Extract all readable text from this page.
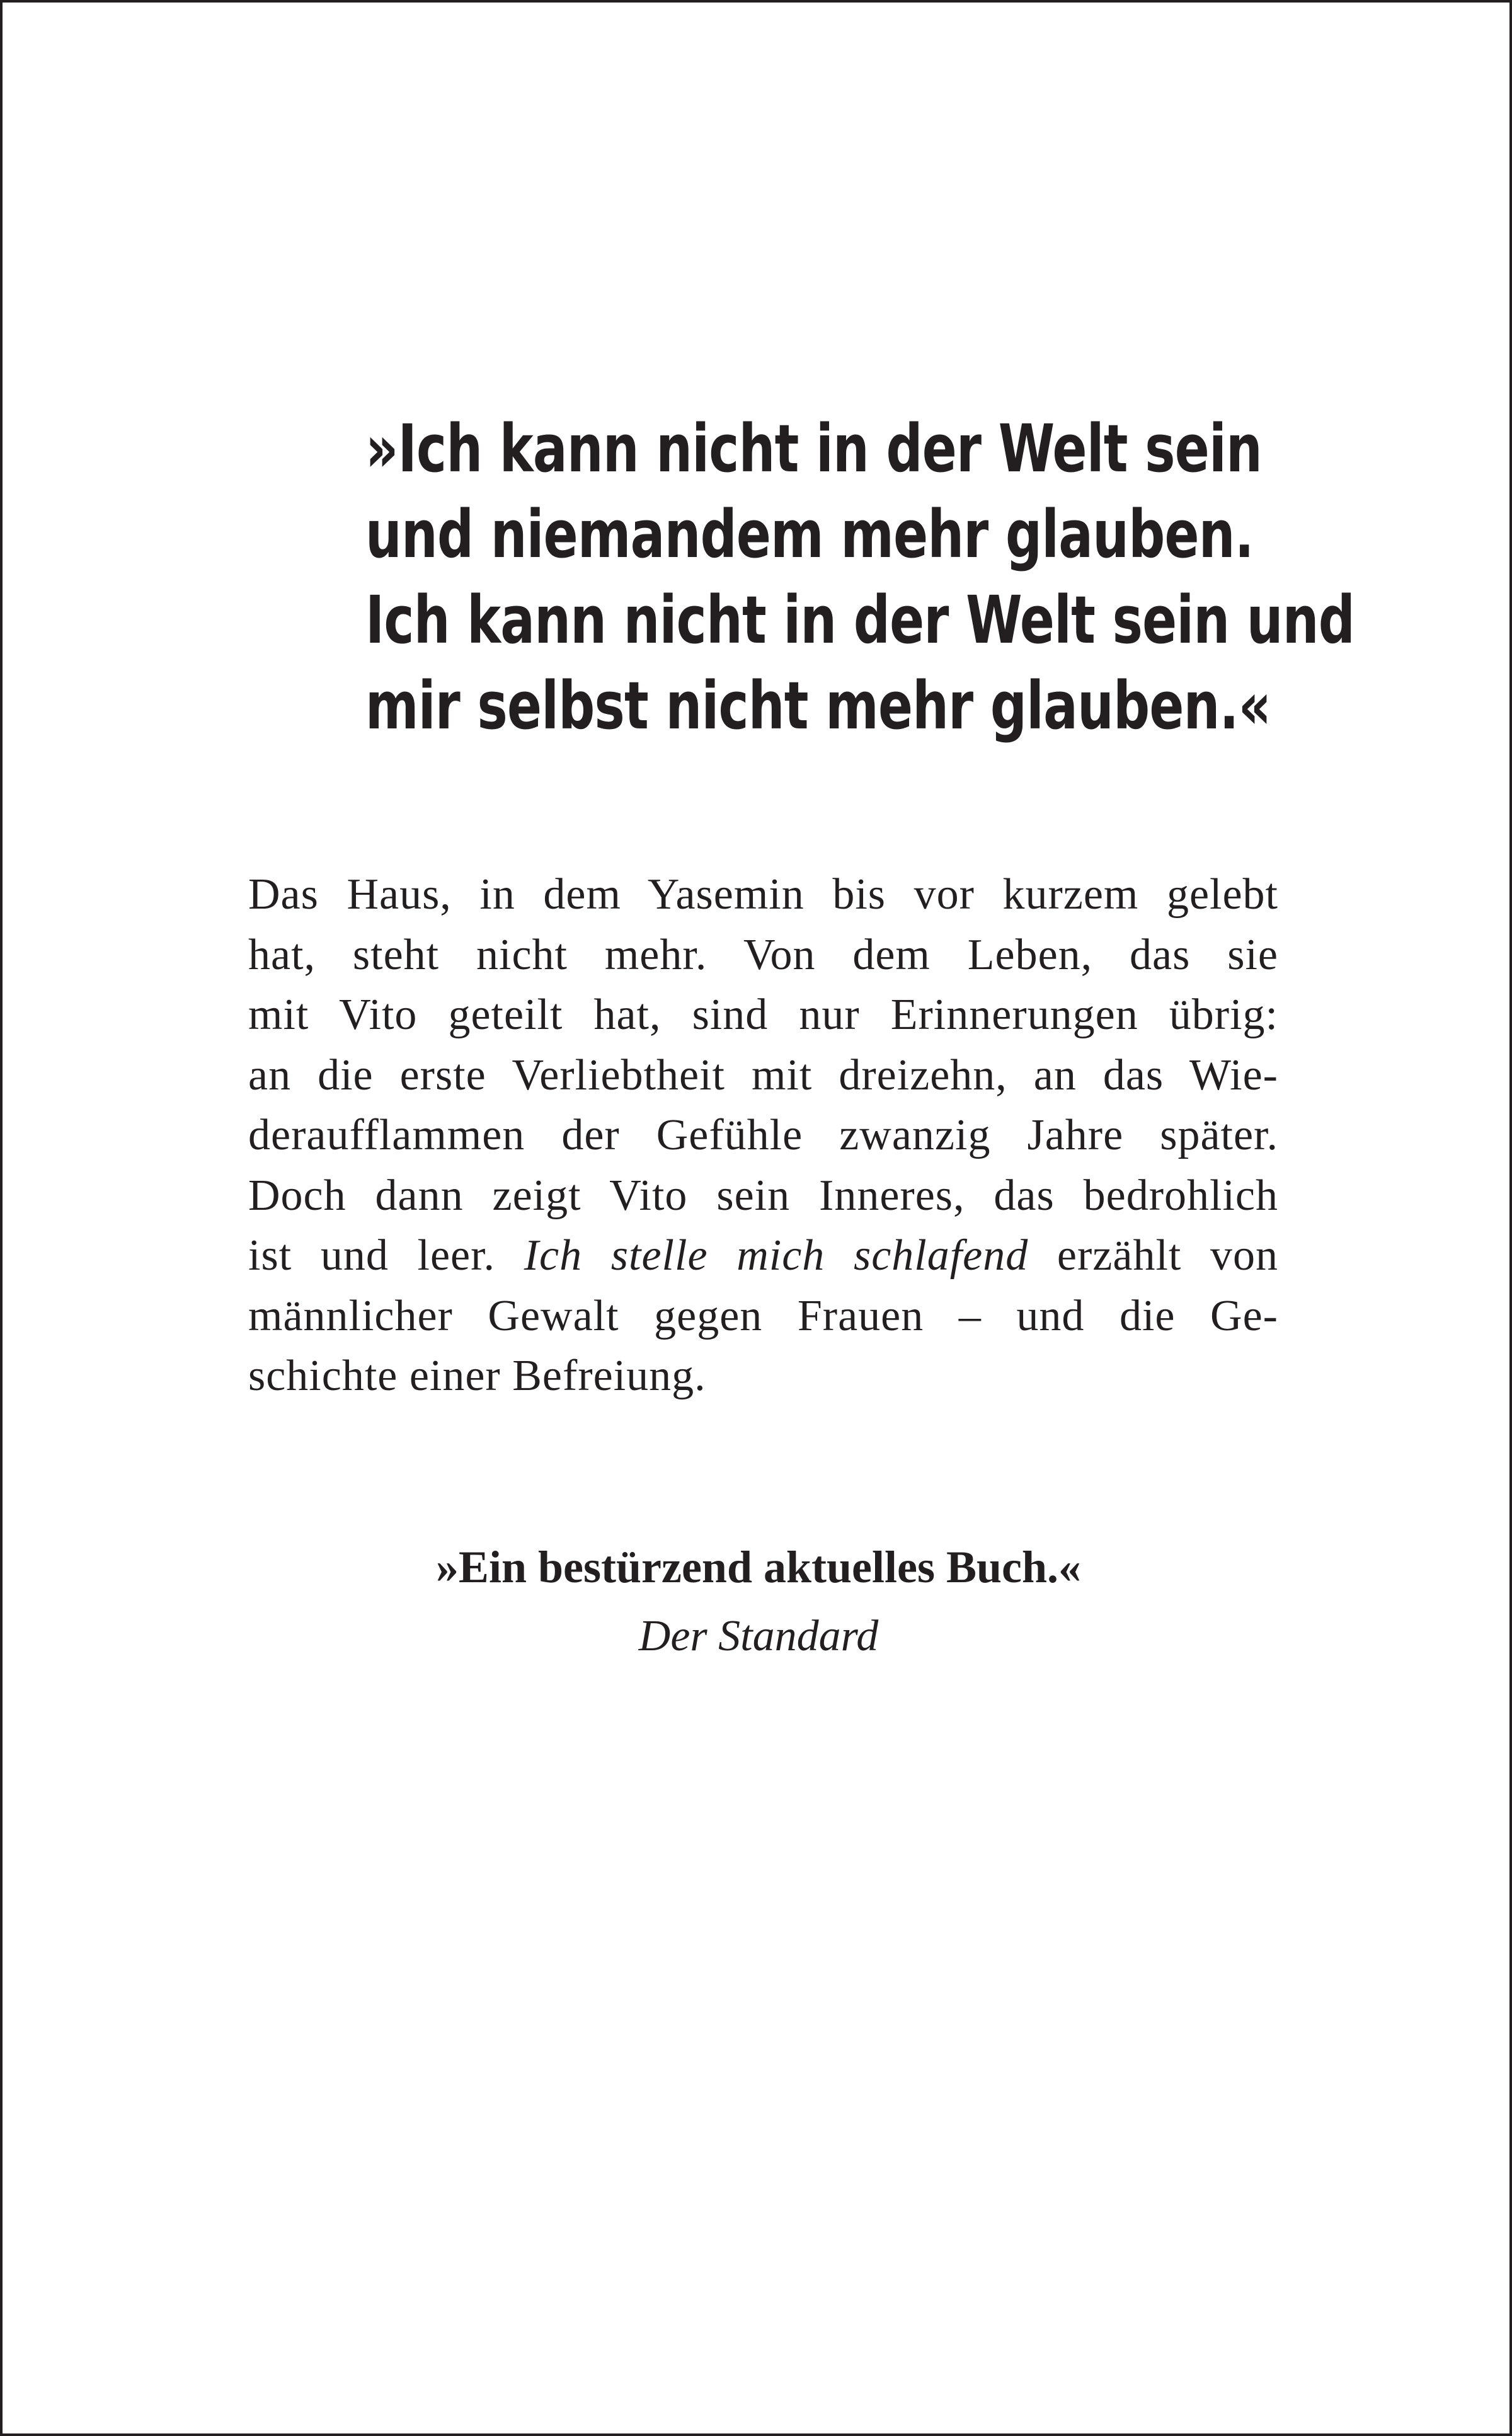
»Ich kann nicht in der Welt sein
und niemandem mehr glauben.
Ich kann nicht in der Welt sein und
mir selbst nicht mehr glauben.«
Das Haus, in dem Yasemin bis vor kurzem gelebt
hat, steht nicht mehr. Von dem Leben, das sie
mit Vito geteilt hat, sind nur Erinnerungen übrig:
an die erste Verliebtheit mit dreizehn, an das Wie-
deraufflammen der Gefühle zwanzig Jahre später.
Doch dann zeigt Vito sein Inneres, das bedrohlich
ist und leer. Ich stelle mich schlafend erzählt von
männlicher Gewalt gegen Frauen – und die Ge-
schichte einer Befreiung.
»Ein bestürzend aktuelles Buch.«
Der Standard
